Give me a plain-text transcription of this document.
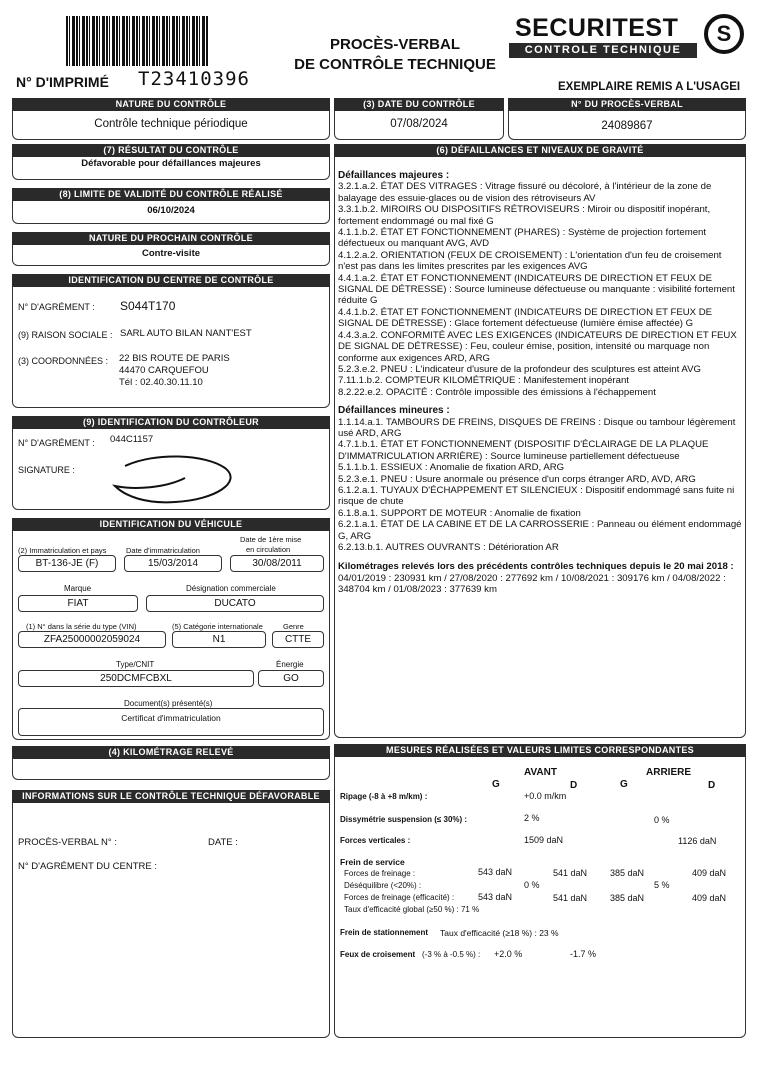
N° D'IMPRIMÉ T23410396
PROCÈS-VERBAL
DE CONTRÔLE TECHNIQUE
SECURITEST	S
CONTROLE TECHNIQUE
EXEMPLAIRE REMIS A L'USAGEI
NATURE DU CONTRÔLE
Contrôle technique périodique
(3) DATE DU CONTRÔLE
07/08/2024
N° DU PROCÈS-VERBAL
24089867
(7) RÉSULTAT DU CONTRÔLE
Défavorable pour défaillances majeures
(8) LIMITE DE VALIDITÉ DU CONTRÔLE RÉALISÉ
06/10/2024
NATURE DU PROCHAIN CONTRÔLE
Contre-visite
IDENTIFICATION DU CENTRE DE CONTRÔLE
N° D'AGRÉMENT : S044T170
(9) RAISON SOCIALE : SARL AUTO BILAN NANT'EST
(3) COORDONNÉES : 22 BIS ROUTE DE PARIS
44470 CARQUEFOU
Tél : 02.40.30.11.10
(9) IDENTIFICATION DU CONTRÔLEUR
N° D'AGRÉMENT : 044C1157
SIGNATURE :
IDENTIFICATION DU VÉHICULE
(2) Immatriculation et pays	Date d'immatriculation
Date de 1ère mise
en circulation
BT-136-JE (F)	15/03/2014	30/08/2011
Marque	Désignation commerciale
FIAT	DUCATO
(1) N° dans la série du type (VIN)	(5) Catégorie internationale	Genre
ZFA25000002059024	N1	CTTE
Type/CNIT	Énergie
250DCMFCBXL	GO
Document(s) présenté(s)
Certificat d'immatriculation
(4) KILOMÉTRAGE RELEVÉ
INFORMATIONS SUR LE CONTRÔLE TECHNIQUE DÉFAVORABLE
PROCÈS-VERBAL N° :	DATE :
N° D'AGRÉMENT DU CENTRE :
(6) DÉFAILLANCES ET NIVEAUX DE GRAVITÉ

Défaillances majeures :

3.2.1.a.2. ÉTAT DES VITRAGES : Vitrage fissuré ou décoloré, à l'intérieur de la zone de balayage des essuie-glaces ou de vision des rétroviseurs AV

3.3.1.b.2. MIROIRS OU DISPOSITIFS RÉTROVISEURS : Miroir ou dispositif inopérant, fortement endommagé ou mal fixé G

4.1.1.b.2. ÉTAT ET FONCTIONNEMENT (PHARES) : Système de projection fortement défectueux ou manquant AVG, AVD

4.1.2.a.2. ORIENTATION (FEUX DE CROISEMENT) : L'orientation d'un feu de croisement n'est pas dans les limites prescrites par les exigences AVG

4.4.1.a.2. ÉTAT ET FONCTIONNEMENT (INDICATEURS DE DIRECTION ET FEUX DE SIGNAL DE DÉTRESSE) : Source lumineuse défectueuse ou manquante : visibilité fortement réduite G

4.4.1.b.2. ÉTAT ET FONCTIONNEMENT (INDICATEURS DE DIRECTION ET FEUX DE SIGNAL DE DÉTRESSE) : Glace fortement défectueuse (lumière émise affectée) G

4.4.3.a.2. CONFORMITÉ AVEC LES EXIGENCES (INDICATEURS DE DIRECTION ET FEUX DE SIGNAL DE DÉTRESSE) : Feu, couleur émise, position, intensité ou marquage non conforme aux exigences ARD, ARG

5.2.3.e.2. PNEU : L'indicateur d'usure de la profondeur des sculptures est atteint AVG

7.11.1.b.2. COMPTEUR KILOMÉTRIQUE : Manifestement inopérant

8.2.22.e.2. OPACITÉ : Contrôle impossible des émissions à l'échappement

Défaillances mineures :

1.1.14.a.1. TAMBOURS DE FREINS, DISQUES DE FREINS : Disque ou tambour légèrement usé ARD, ARG

4.7.1.b.1. ÉTAT ET FONCTIONNEMENT (DISPOSITIF D'ÉCLAIRAGE DE LA PLAQUE D'IMMATRICULATION ARRIÈRE) : Source lumineuse partiellement défectueuse

5.1.1.b.1. ESSIEUX : Anomalie de fixation ARD, ARG

5.2.3.e.1. PNEU : Usure anormale ou présence d'un corps étranger ARD, AVD, ARG

6.1.2.a.1. TUYAUX D'ÉCHAPPEMENT ET SILENCIEUX : Dispositif endommagé sans fuite ni risque de chute

6.1.8.a.1. SUPPORT DE MOTEUR : Anomalie de fixation

6.2.1.a.1. ÉTAT DE LA CABINE ET DE LA CARROSSERIE : Panneau ou élément endommagé G, ARG

6.2.13.b.1. AUTRES OUVRANTS : Détérioration AR

Kilométrages relevés lors des précédents contrôles techniques depuis le 20 mai 2018 : 04/01/2019 : 230931 km / 27/08/2020 : 277692 km / 10/08/2021 : 309176 km / 04/08/2022 : 348704 km / 01/08/2023 : 377639 km

MESURES RÉALISÉES ET VALEURS LIMITES CORRESPONDANTES
AVANT	ARRIERE
G	D	G	D
Ripage (-8 à +8 m/km) :	+0.0 m/km
Dissymétrie suspension (≤ 30%) :	2 %	0 %
Forces verticales :	1509 daN	1126 daN
Frein de service
Forces de freinage :	543 daN	541 daN	385 daN	409 daN
Déséquilibre (<20%) :	0 %	5 %
Forces de freinage (efficacité) :	543 daN	541 daN	385 daN	409 daN
Taux d'efficacité global (≥50 %) : 71 %
Frein de stationnement Taux d'efficacité (≥18 %) : 23 %
Feux de croisement (-3 % à -0.5 %) : +2.0 %	-1.7 %
